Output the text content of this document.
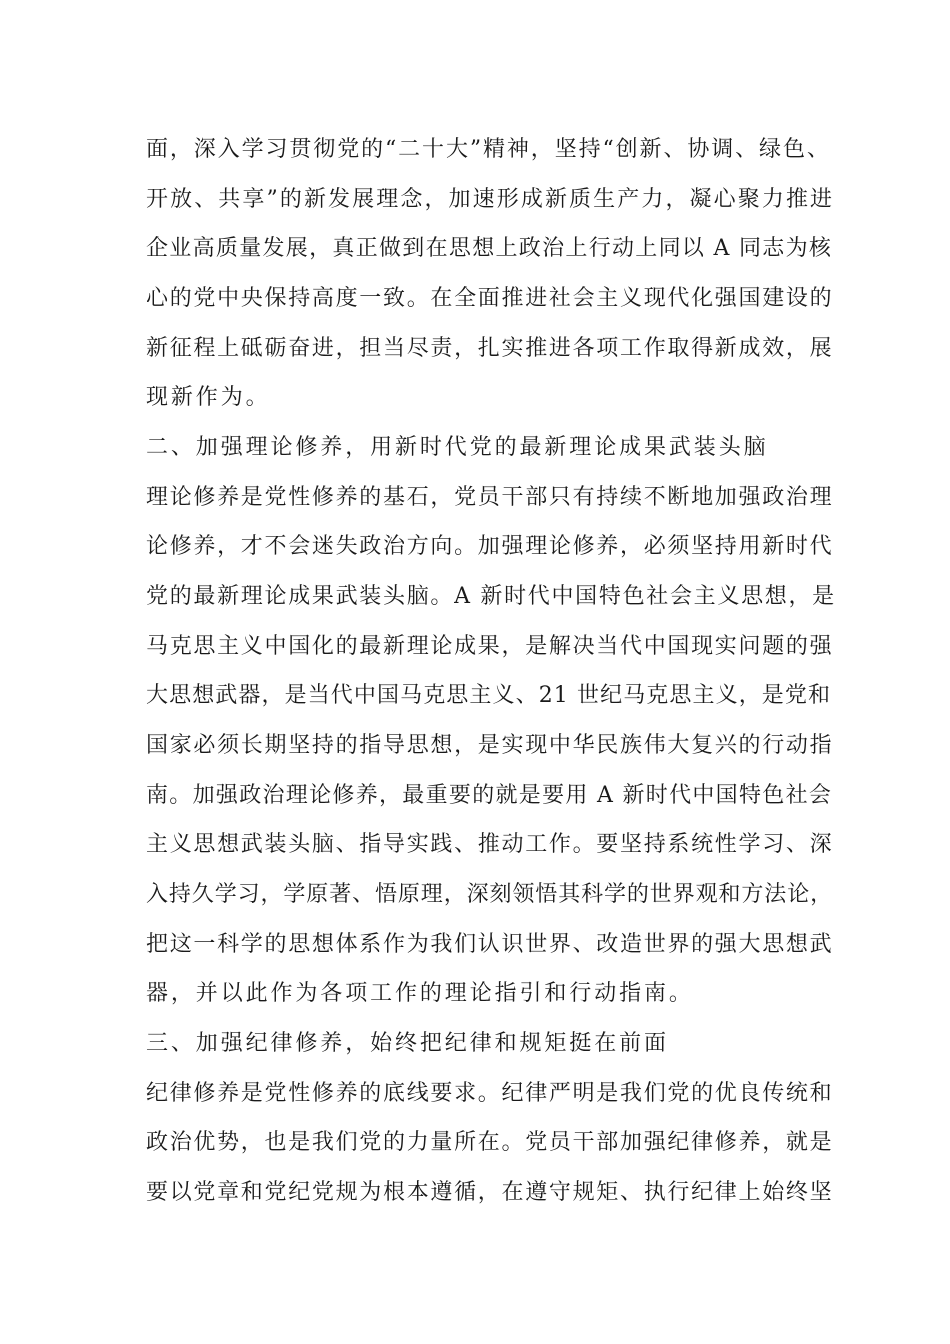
面，深入学习贯彻党的“二十大”精神，坚持“创新、协调、绿色、
开放、共享”的新发展理念，加速形成新质生产力，凝心聚力推进
企业高质量发展，真正做到在思想上政治上行动上同以 A 同志为核
心的党中央保持高度一致。在全面推进社会主义现代化强国建设的
新征程上砥砺奋进，担当尽责，扎实推进各项工作取得新成效，展
现新作为。
二、加强理论修养，用新时代党的最新理论成果武装头脑
理论修养是党性修养的基石，党员干部只有持续不断地加强政治理
论修养，才不会迷失政治方向。加强理论修养，必须坚持用新时代
党的最新理论成果武装头脑。A 新时代中国特色社会主义思想，是
马克思主义中国化的最新理论成果，是解决当代中国现实问题的强
大思想武器，是当代中国马克思主义、21 世纪马克思主义，是党和
国家必须长期坚持的指导思想，是实现中华民族伟大复兴的行动指
南。加强政治理论修养，最重要的就是要用 A 新时代中国特色社会
主义思想武装头脑、指导实践、推动工作。要坚持系统性学习、深
入持久学习，学原著、悟原理，深刻领悟其科学的世界观和方法论，
把这一科学的思想体系作为我们认识世界、改造世界的强大思想武
器，并以此作为各项工作的理论指引和行动指南。
三、加强纪律修养，始终把纪律和规矩挺在前面
纪律修养是党性修养的底线要求。纪律严明是我们党的优良传统和
政治优势，也是我们党的力量所在。党员干部加强纪律修养，就是
要以党章和党纪党规为根本遵循，在遵守规矩、执行纪律上始终坚
